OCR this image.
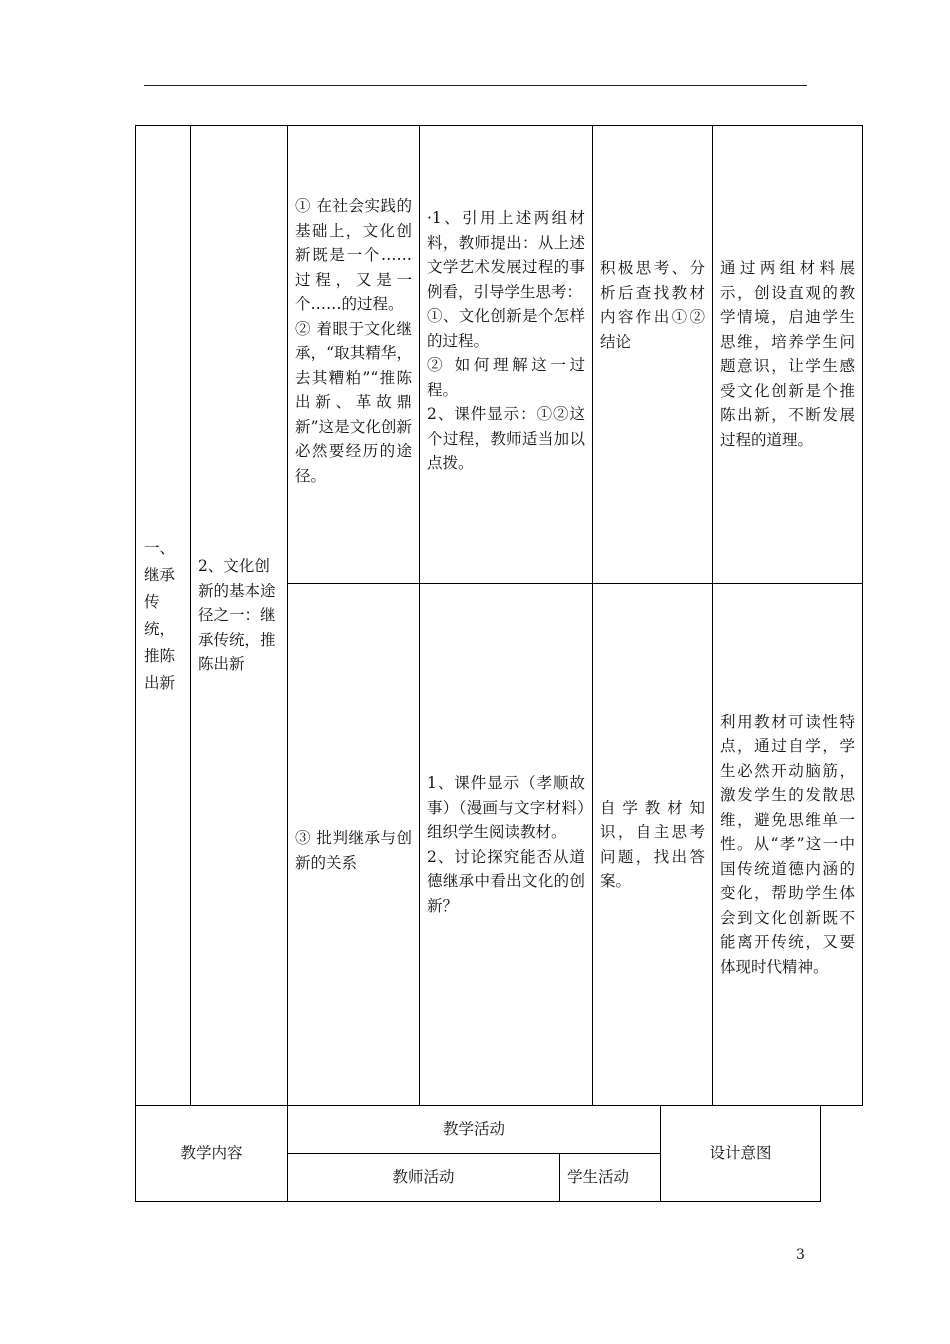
一、继承传统，推陈出新	2、文化创新的基本途径之一：继承传统，推陈出新	① 在社会实践的基础上，文化创新既是一个……过程，又是一个……的过程。
② 着眼于文化继承，“取其精华，去其糟粕”“推陈出新、革故鼎新”这是文化创新必然要经历的途径。	·1、引用上述两组材料，教师提出：从上述文学艺术发展过程的事例看，引导学生思考：
①、文化创新是个怎样的过程。
② 如何理解这一过程。
2、课件显示：①②这个过程，教师适当加以点拨。	积极思考、分析后查找教材内容作出①②结论	通过两组材料展示，创设直观的教学情境，启迪学生思维，培养学生问题意识，让学生感受文化创新是个推陈出新，不断发展过程的道理。
		③ 批判继承与创新的关系	1、课件显示（孝顺故事）（漫画与文字材料）组织学生阅读教材。
2、讨论探究能否从道德继承中看出文化的创新？	自学教材知识，自主思考问题，找出答案。	利用教材可读性特点，通过自学，学生必然开动脑筋，激发学生的发散思维，避免思维单一性。从“孝”这一中国传统道德内涵的变化，帮助学生体会到文化创新既不能离开传统，又要体现时代精神。
教学内容	教学活动		设计意图
	教师活动	学生活动	
3
